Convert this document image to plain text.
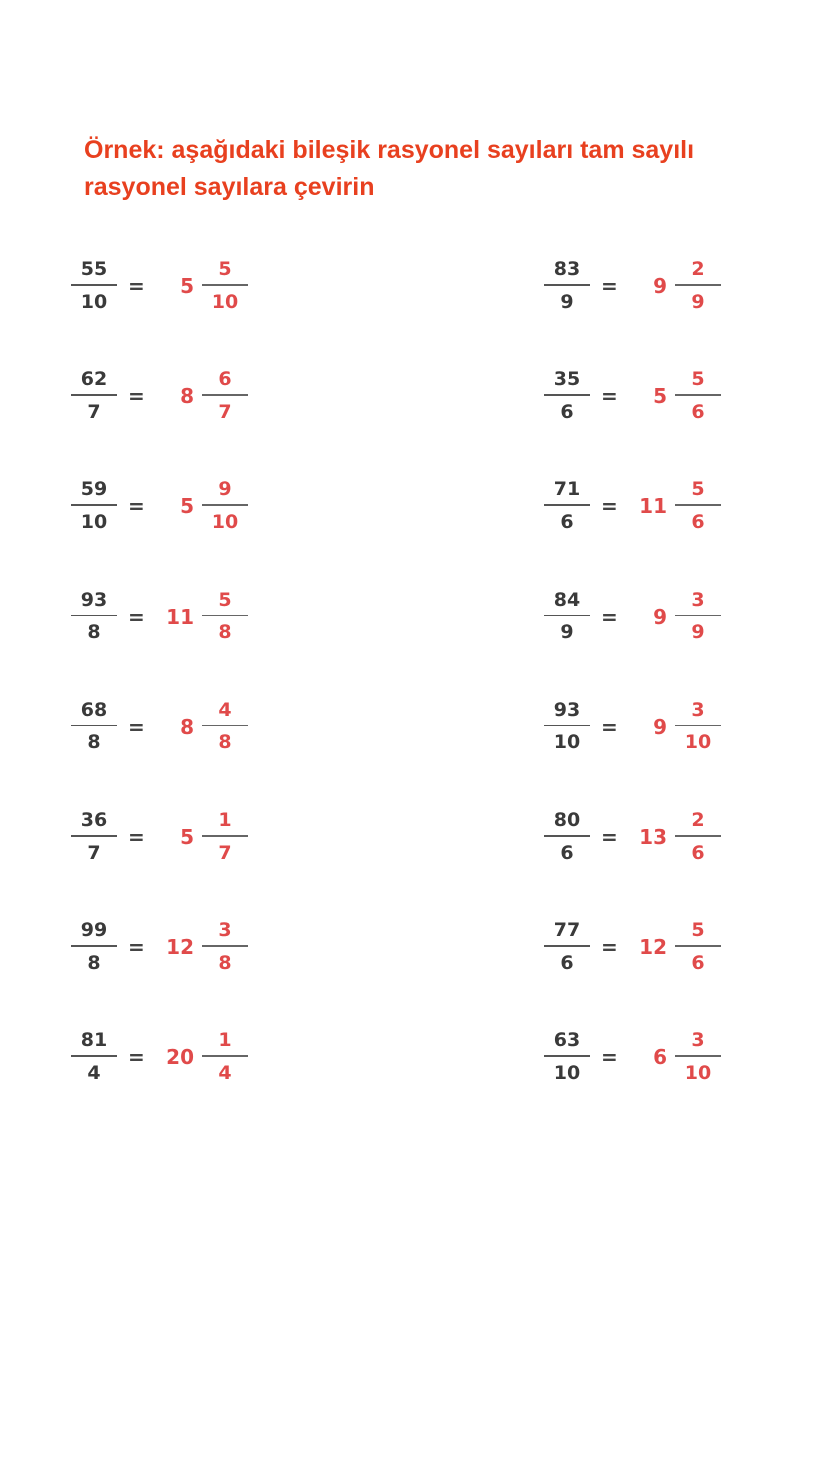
Örnek: aşağıdaki bileşik rasyonel sayıları tam sayılı rasyonel sayılara çevirin
55
10
= 5
5
10
62
7
= 8
6
7
59
10
= 5
9
10
93
8
= 11
5
8
68
8
= 8
4
8
36
7
= 5
1
7
99
8
= 12
3
8
81
4
= 20
1
4
83
9
= 9
2
9
35
6
= 5
5
6
71
6
= 11
5
6
84
9
= 9
3
9
93
10
= 9
3
10
80
6
= 13
2
6
77
6
= 12
5
6
63
10
= 6
3
10
